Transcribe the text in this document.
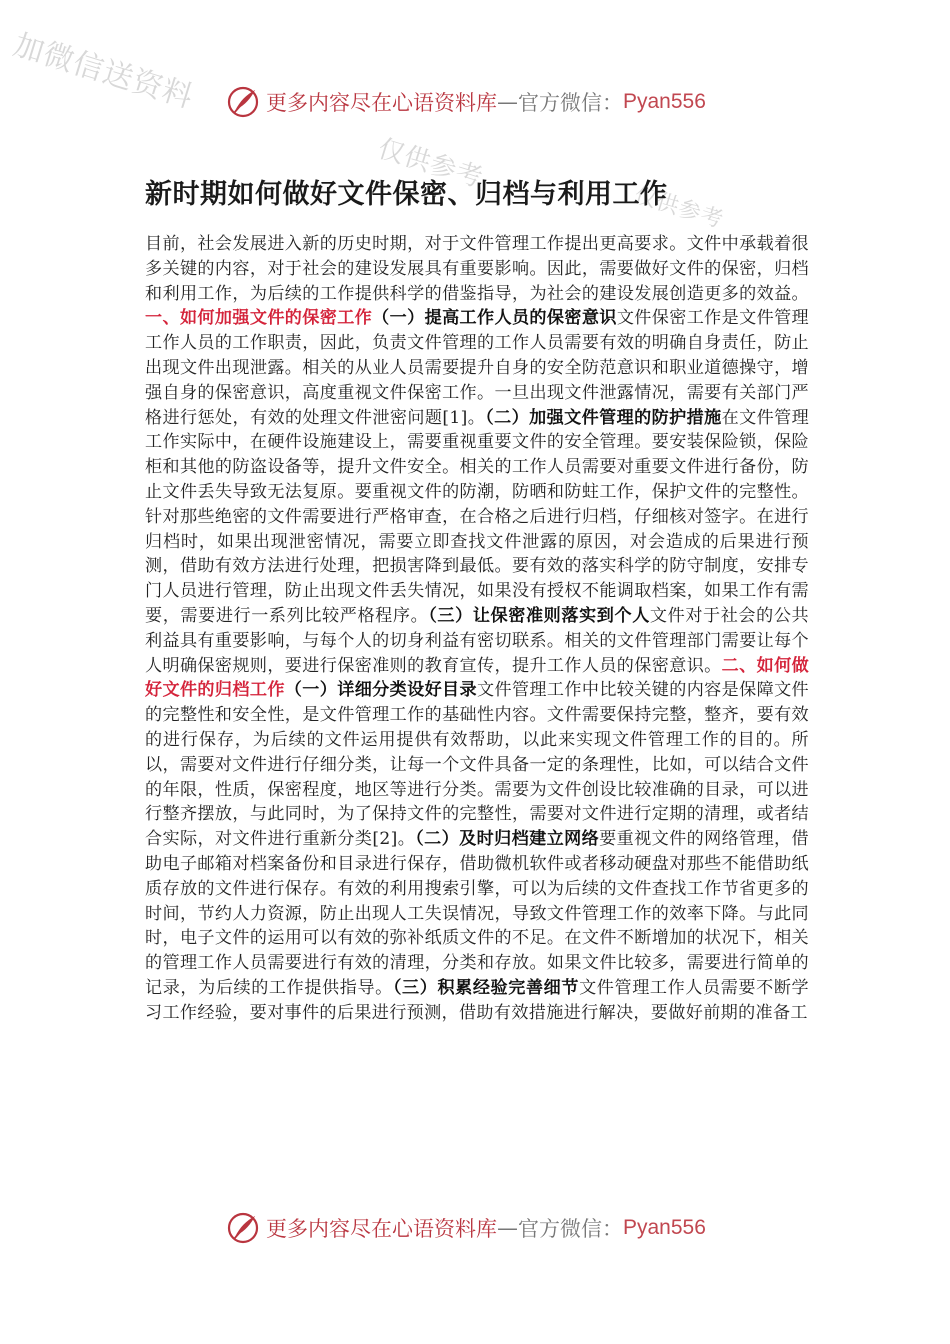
加微信送资料
仅供参考
仅供参考
更多内容尽在心语资料库 — 官方微信： Pyan556
新时期如何做好文件保密、归档与利用工作
目前，社会发展进入新的历史时期，对于文件管理工作提出更高要求。文件中承载着很多关键的内容，对于社会的建设发展具有重要影响。因此，需要做好文件的保密，归档和利用工作，为后续的工作提供科学的借鉴指导，为社会的建设发展创造更多的效益。一、如何加强文件的保密工作（一）提高工作人员的保密意识文件保密工作是文件管理工作人员的工作职责，因此，负责文件管理的工作人员需要有效的明确自身责任，防止出现文件出现泄露。相关的从业人员需要提升自身的安全防范意识和职业道德操守，增强自身的保密意识，高度重视文件保密工作。一旦出现文件泄露情况，需要有关部门严格进行惩处，有效的处理文件泄密问题[1]。（二）加强文件管理的防护措施在文件管理工作实际中，在硬件设施建设上，需要重视重要文件的安全管理。要安装保险锁，保险柜和其他的防盗设备等，提升文件安全。相关的工作人员需要对重要文件进行备份，防止文件丢失导致无法复原。要重视文件的防潮，防晒和防蛀工作，保护文件的完整性。针对那些绝密的文件需要进行严格审查，在合格之后进行归档，仔细核对签字。在进行归档时，如果出现泄密情况，需要立即查找文件泄露的原因，对会造成的后果进行预测，借助有效方法进行处理，把损害降到最低。要有效的落实科学的防守制度，安排专门人员进行管理，防止出现文件丢失情况，如果没有授权不能调取档案，如果工作有需要，需要进行一系列比较严格程序。（三）让保密准则落实到个人文件对于社会的公共利益具有重要影响，与每个人的切身利益有密切联系。相关的文件管理部门需要让每个人明确保密规则，要进行保密准则的教育宣传，提升工作人员的保密意识。二、如何做好文件的归档工作（一）详细分类设好目录文件管理工作中比较关键的内容是保障文件的完整性和安全性，是文件管理工作的基础性内容。文件需要保持完整，整齐，要有效的进行保存，为后续的文件运用提供有效帮助，以此来实现文件管理工作的目的。所以，需要对文件进行仔细分类，让每一个文件具备一定的条理性，比如，可以结合文件的年限，性质，保密程度，地区等进行分类。需要为文件创设比较准确的目录，可以进行整齐摆放，与此同时，为了保持文件的完整性，需要对文件进行定期的清理，或者结合实际，对文件进行重新分类[2]。（二）及时归档建立网络要重视文件的网络管理，借助电子邮箱对档案备份和目录进行保存，借助微机软件或者移动硬盘对那些不能借助纸质存放的文件进行保存。有效的利用搜索引擎，可以为后续的文件查找工作节省更多的时间，节约人力资源，防止出现人工失误情况，导致文件管理工作的效率下降。与此同时，电子文件的运用可以有效的弥补纸质文件的不足。在文件不断增加的状况下，相关的管理工作人员需要进行有效的清理，分类和存放。如果文件比较多，需要进行简单的记录，为后续的工作提供指导。（三）积累经验完善细节文件管理工作人员需要不断学习工作经验，要对事件的后果进行预测，借助有效措施进行解决，要做好前期的准备工
更多内容尽在心语资料库 — 官方微信： Pyan556
